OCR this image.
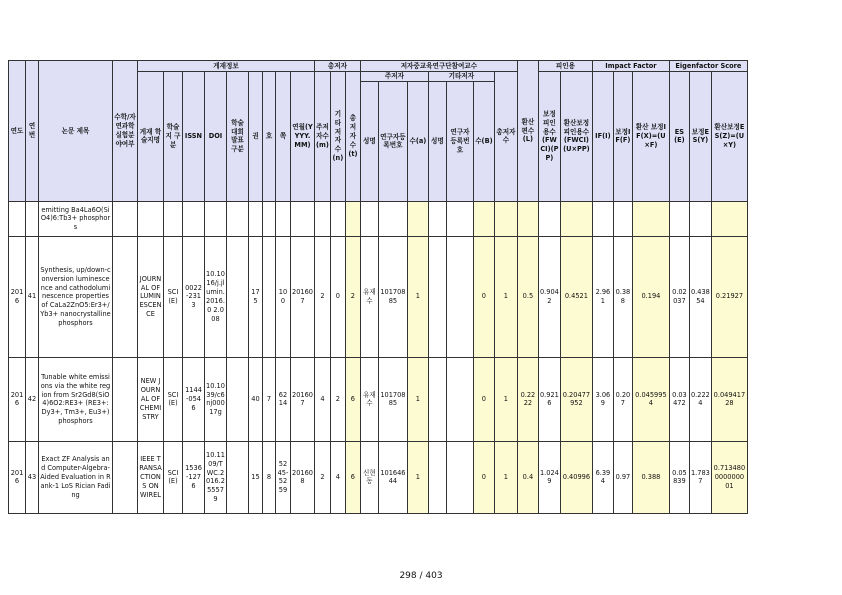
연도	연번	논문 제목	수학/자연과학실험분야여부	게재정보									총저자			저자중교육연구단참여교수							환산편수(L)	피인용		Impact Factor			Eigenfactor Score		
				게재 학술지명	학술지 구분	ISSN	DOI	학술대회발표구분	권	호	쪽	연월(YYYY.MM)	주저자수(m)	기타저자수(n)	총저자수(t)	주저자			기타저자			총저자수		보정피인용수(FWCI)(PP)	환산보정피인용수(FWCI)(U×PP)	IF(I)	보정IF(F)	환산 보정IF(X)=(U×F)	ES(E)	보정ES(Y)	환산보정ES(Z)=(U×Y)
																성명	연구자등록번호	수(a)	성명	연구자등록번호	수(B)										
		emitting Ba4La6O(SiO4)6:Tb3+ phosphors																													
2016	41	Synthesis, up/down-conversion luminescence and cathodoluminescence properties of CaLa2ZnO5:Er3+/Yb3+ nanocrystalline phosphors		JOURNAL OF LUMINESCENCE	SCI(E)	0022-2313	10.1016/j.jlumin.2016.0 2.008		175		100	201607	2	0	2	유재수	10170885	1			0	1	0.5	0.9042	0.4521	2.961	0.388	0.194	0.02037	0.43854	0.21927
2016	42	Tunable white emissions via the white region from Sr2Gd8(SiO4)6O2:RE3+ (RE3+: Dy3+, Tm3+, Eu3+) phosphors		NEW JOURNAL OF CHEMISTRY	SCI(E)	1144-0546	10.1039/c6nj00017g		40	7	6214	201607	4	2	6	유재수	10170885	1			0	1	0.2222	0.9216	0.20477952	3.069	0.207	0.0459954	0.03472	0.2224	0.04941728
2016	43	Exact ZF Analysis and Computer-Algebra-Aided Evaluation in Rank-1 LoS Rician Fading		IEEE TRANSACTIONS ON WIREL	SCI(E)	1536-1276	10.1109/TWC.2016.255579		15	8	52 45-52 59	201608	2	4	6	신현동	10164644	1			0	1	0.4	1.0249	0.40996	6.394	0.97	0.388	0.05839	1.7837	0.713480000000001
298 / 403
